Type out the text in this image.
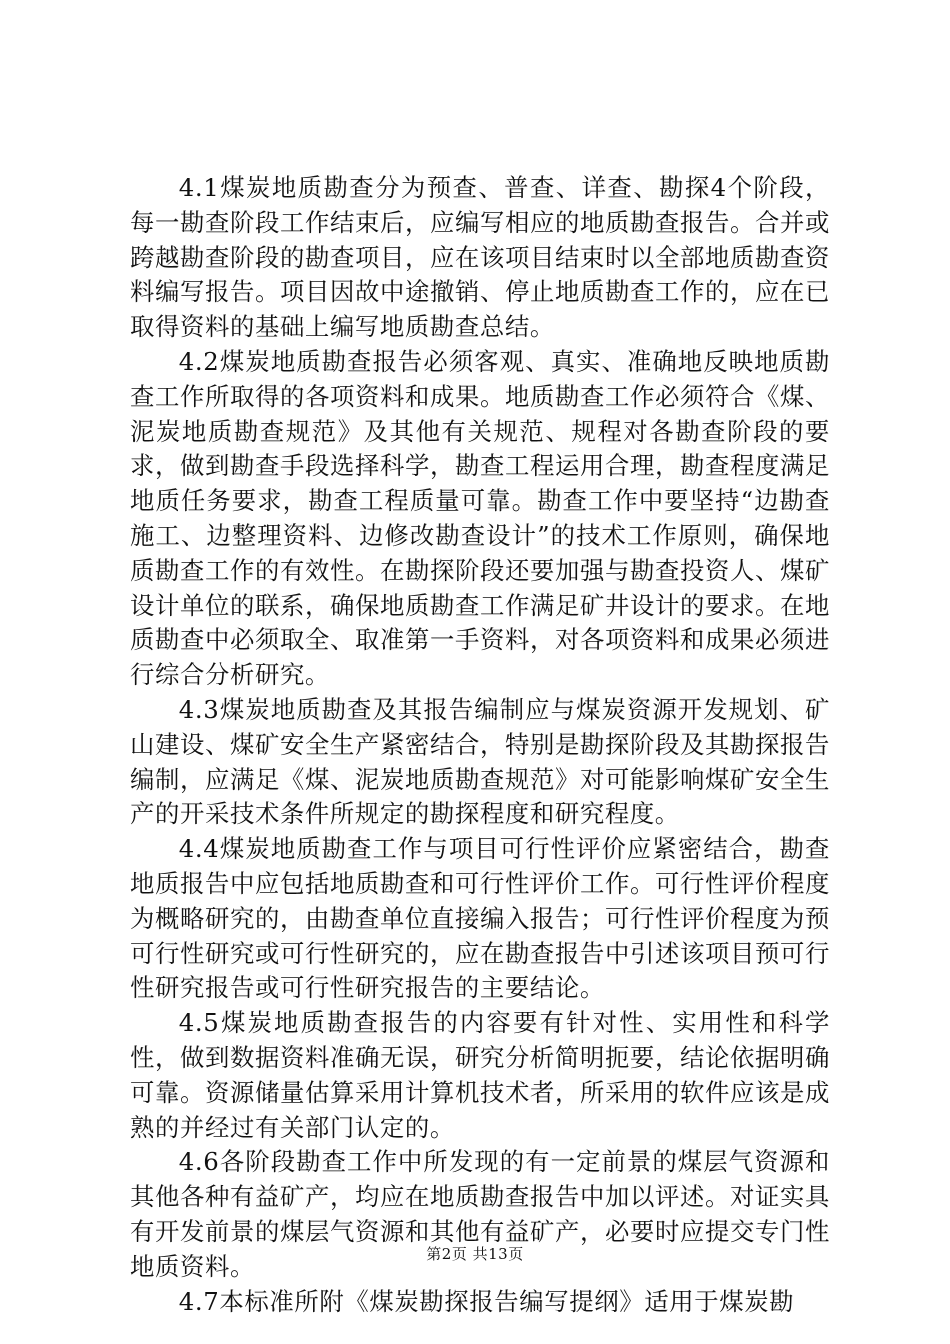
4.1煤炭地质勘查分为预查、普查、详查、勘探4个阶段，每一勘查阶段工作结束后，应编写相应的地质勘查报告。合并或跨越勘查阶段的勘查项目，应在该项目结束时以全部地质勘查资料编写报告。项目因故中途撤销、停止地质勘查工作的，应在已取得资料的基础上编写地质勘查总结。

4.2煤炭地质勘查报告必须客观、真实、准确地反映地质勘查工作所取得的各项资料和成果。地质勘查工作必须符合《煤、泥炭地质勘查规范》及其他有关规范、规程对各勘查阶段的要求，做到勘查手段选择科学，勘查工程运用合理，勘查程度满足地质任务要求，勘查工程质量可靠。勘查工作中要坚持“边勘查施工、边整理资料、边修改勘查设计”的技术工作原则，确保地质勘查工作的有效性。在勘探阶段还要加强与勘查投资人、煤矿设计单位的联系，确保地质勘查工作满足矿井设计的要求。在地质勘查中必须取全、取准第一手资料，对各项资料和成果必须进行综合分析研究。

4.3煤炭地质勘查及其报告编制应与煤炭资源开发规划、矿山建设、煤矿安全生产紧密结合，特别是勘探阶段及其勘探报告编制，应满足《煤、泥炭地质勘查规范》对可能影响煤矿安全生产的开采技术条件所规定的勘探程度和研究程度。

4.4煤炭地质勘查工作与项目可行性评价应紧密结合，勘查地质报告中应包括地质勘查和可行性评价工作。可行性评价程度为概略研究的，由勘查单位直接编入报告；可行性评价程度为预可行性研究或可行性研究的，应在勘查报告中引述该项目预可行性研究报告或可行性研究报告的主要结论。

4.5煤炭地质勘查报告的内容要有针对性、实用性和科学性，做到数据资料准确无误，研究分析简明扼要，结论依据明确可靠。资源储量估算采用计算机技术者，所采用的软件应该是成熟的并经过有关部门认定的。

4.6各阶段勘查工作中所发现的有一定前景的煤层气资源和其他各种有益矿产，均应在地质勘查报告中加以评述。对证实具有开发前景的煤层气资源和其他有益矿产，必要时应提交专门性地质资料。

4.7本标准所附《煤炭勘探报告编写提纲》适用于煤炭勘

第2页 共13页
